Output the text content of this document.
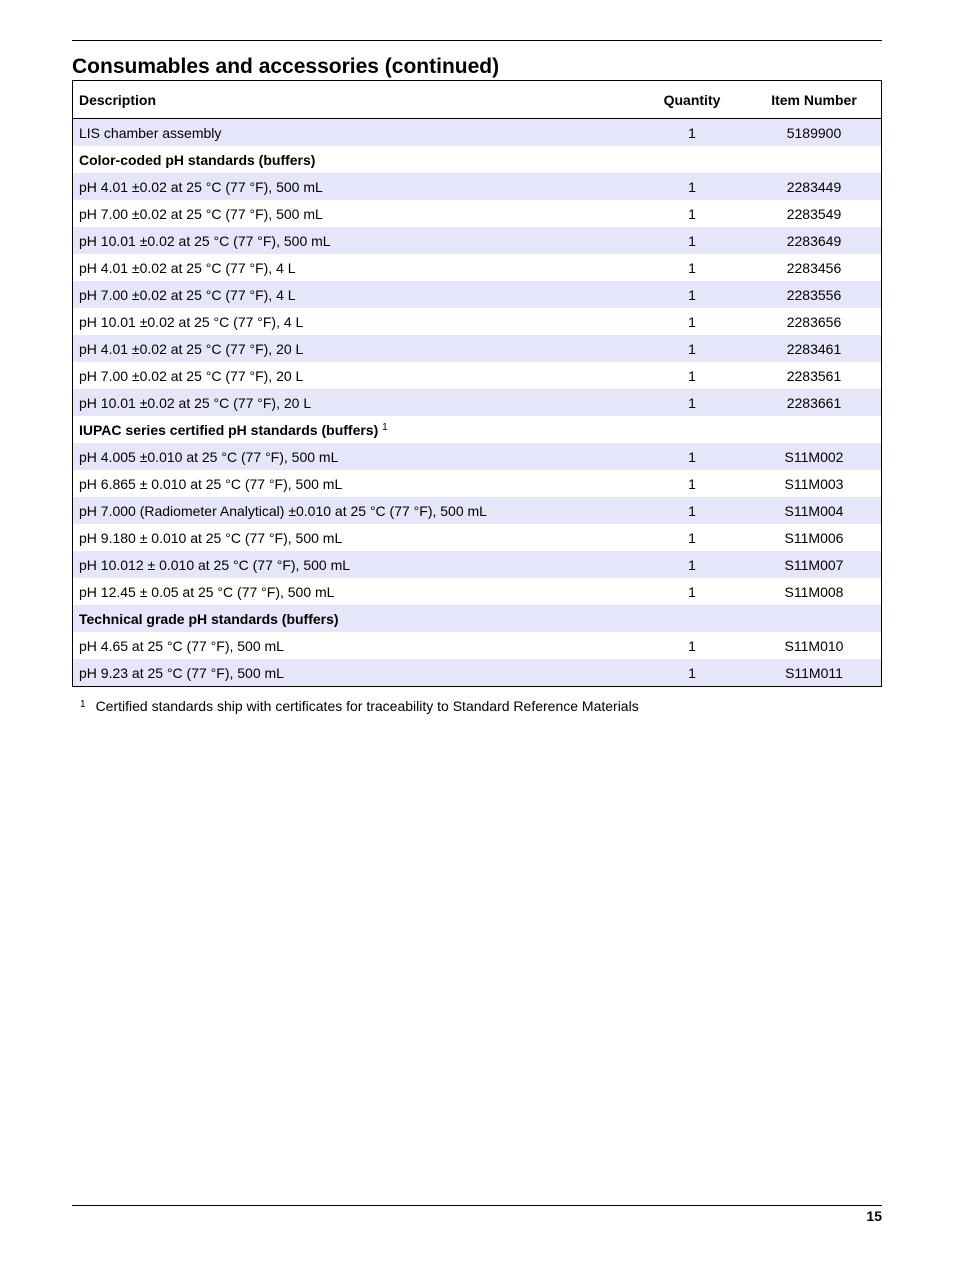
Consumables and accessories (continued)
Description	Quantity	Item Number
LIS chamber assembly	1	5189900
Color-coded pH standards (buffers)		
pH 4.01 ±0.02 at 25 °C (77 °F), 500 mL	1	2283449
pH 7.00 ±0.02 at 25 °C (77 °F), 500 mL	1	2283549
pH 10.01 ±0.02 at 25 °C (77 °F), 500 mL	1	2283649
pH 4.01 ±0.02 at 25 °C (77 °F), 4 L	1	2283456
pH 7.00 ±0.02 at 25 °C (77 °F), 4 L	1	2283556
pH 10.01 ±0.02 at 25 °C (77 °F), 4 L	1	2283656
pH 4.01 ±0.02 at 25 °C (77 °F), 20 L	1	2283461
pH 7.00 ±0.02 at 25 °C (77 °F), 20 L	1	2283561
pH 10.01 ±0.02 at 25 °C (77 °F), 20 L	1	2283661
IUPAC series certified pH standards (buffers) $^1$
pH 4.005 ±0.010 at 25 °C (77 °F), 500 mL	1	S11M002
pH 6.865 ± 0.010 at 25 °C (77 °F), 500 mL	1	S11M003
pH 7.000 (Radiometer Analytical) ±0.010 at 25 °C (77 °F), 500 mL	1	S11M004
pH 9.180 ± 0.010 at 25 °C (77 °F), 500 mL	1	S11M006
pH 10.012 ± 0.010 at 25 °C (77 °F), 500 mL	1	S11M007
pH 12.45 ± 0.05 at 25 °C (77 °F), 500 mL	1	S11M008
Technical grade pH standards (buffers)		
pH 4.65 at 25 °C (77 °F), 500 mL	1	S11M010
pH 9.23 at 25 °C (77 °F), 500 mL	1	S11M011
$^1$ Certified standards ship with certificates for traceability to Standard Reference Materials
15
